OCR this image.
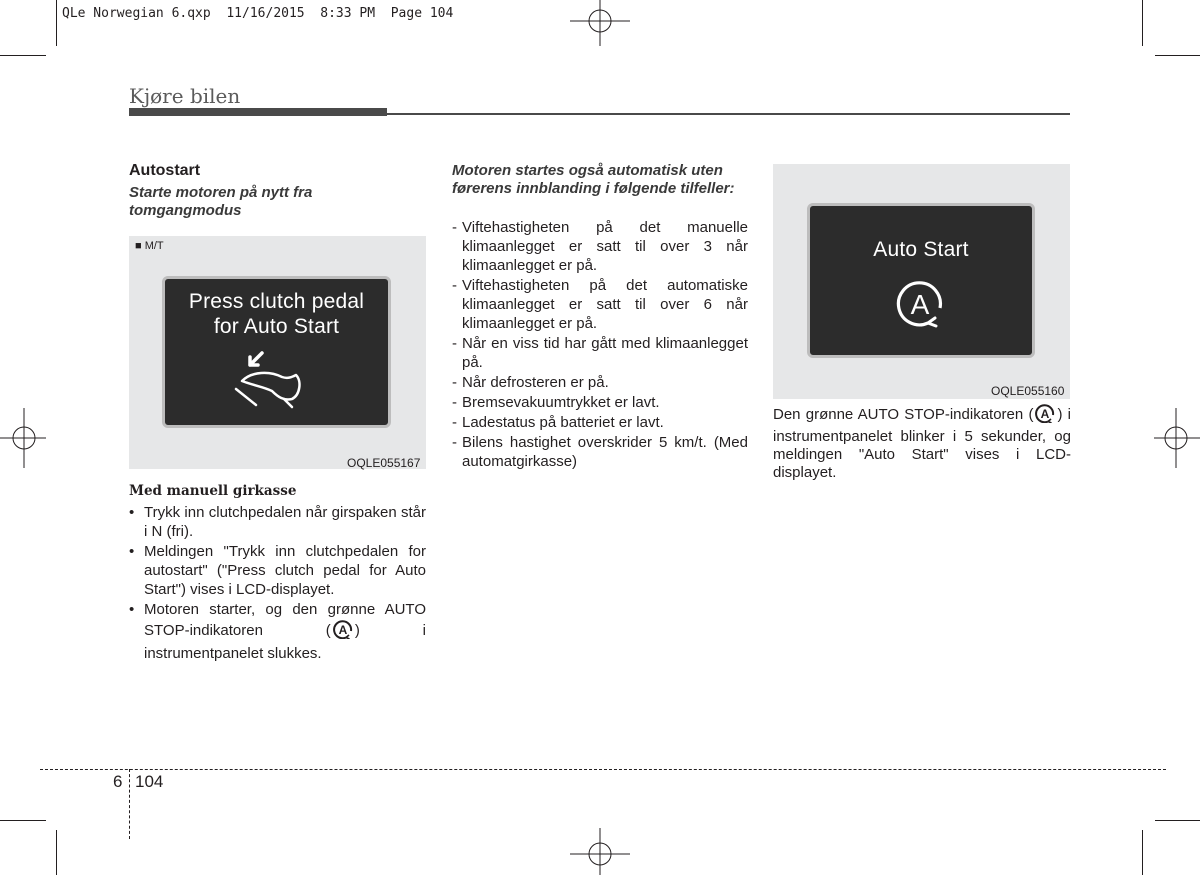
QLe Norwegian 6.qxp  11/16/2015  8:33 PM  Page 104
Kjøre bilen
Autostart
Starte motoren på nytt fra tomgangmodus
■ M/T
Press clutch pedal
for Auto Start
OQLE055167
Med manuell girkasse
• Trykk inn clutchpedalen når girspaken står i N (fri).
• Meldingen "Trykk inn clutchpedalen for autostart" ("Press clutch pedal for Auto Start") vises i LCD-displayet.
• Motoren starter, og den grønne AUTO STOP-indikatoren ( A ) i instrumentpanelet slukkes.
Motoren startes også automatisk uten førerens innblanding i følgende tilfeller:
- Viftehastigheten på det manuelle klimaanlegget er satt til over 3 når klimaanlegget er på.
- Viftehastigheten på det automatiske klimaanlegget er satt til over 6 når klimaanlegget er på.
- Når en viss tid har gått med klimaanlegget på.
- Når defrosteren er på.
- Bremsevakuumtrykket er lavt.
- Ladestatus på batteriet er lavt.
- Bilens hastighet overskrider 5 km/t. (Med automatgirkasse)
Auto Start
A
OQLE055160
Den grønne AUTO STOP-indikatoren ( A ) i instrumentpanelet blinker i 5 sekunder, og meldingen "Auto Start" vises i LCD-displayet.
6 104
